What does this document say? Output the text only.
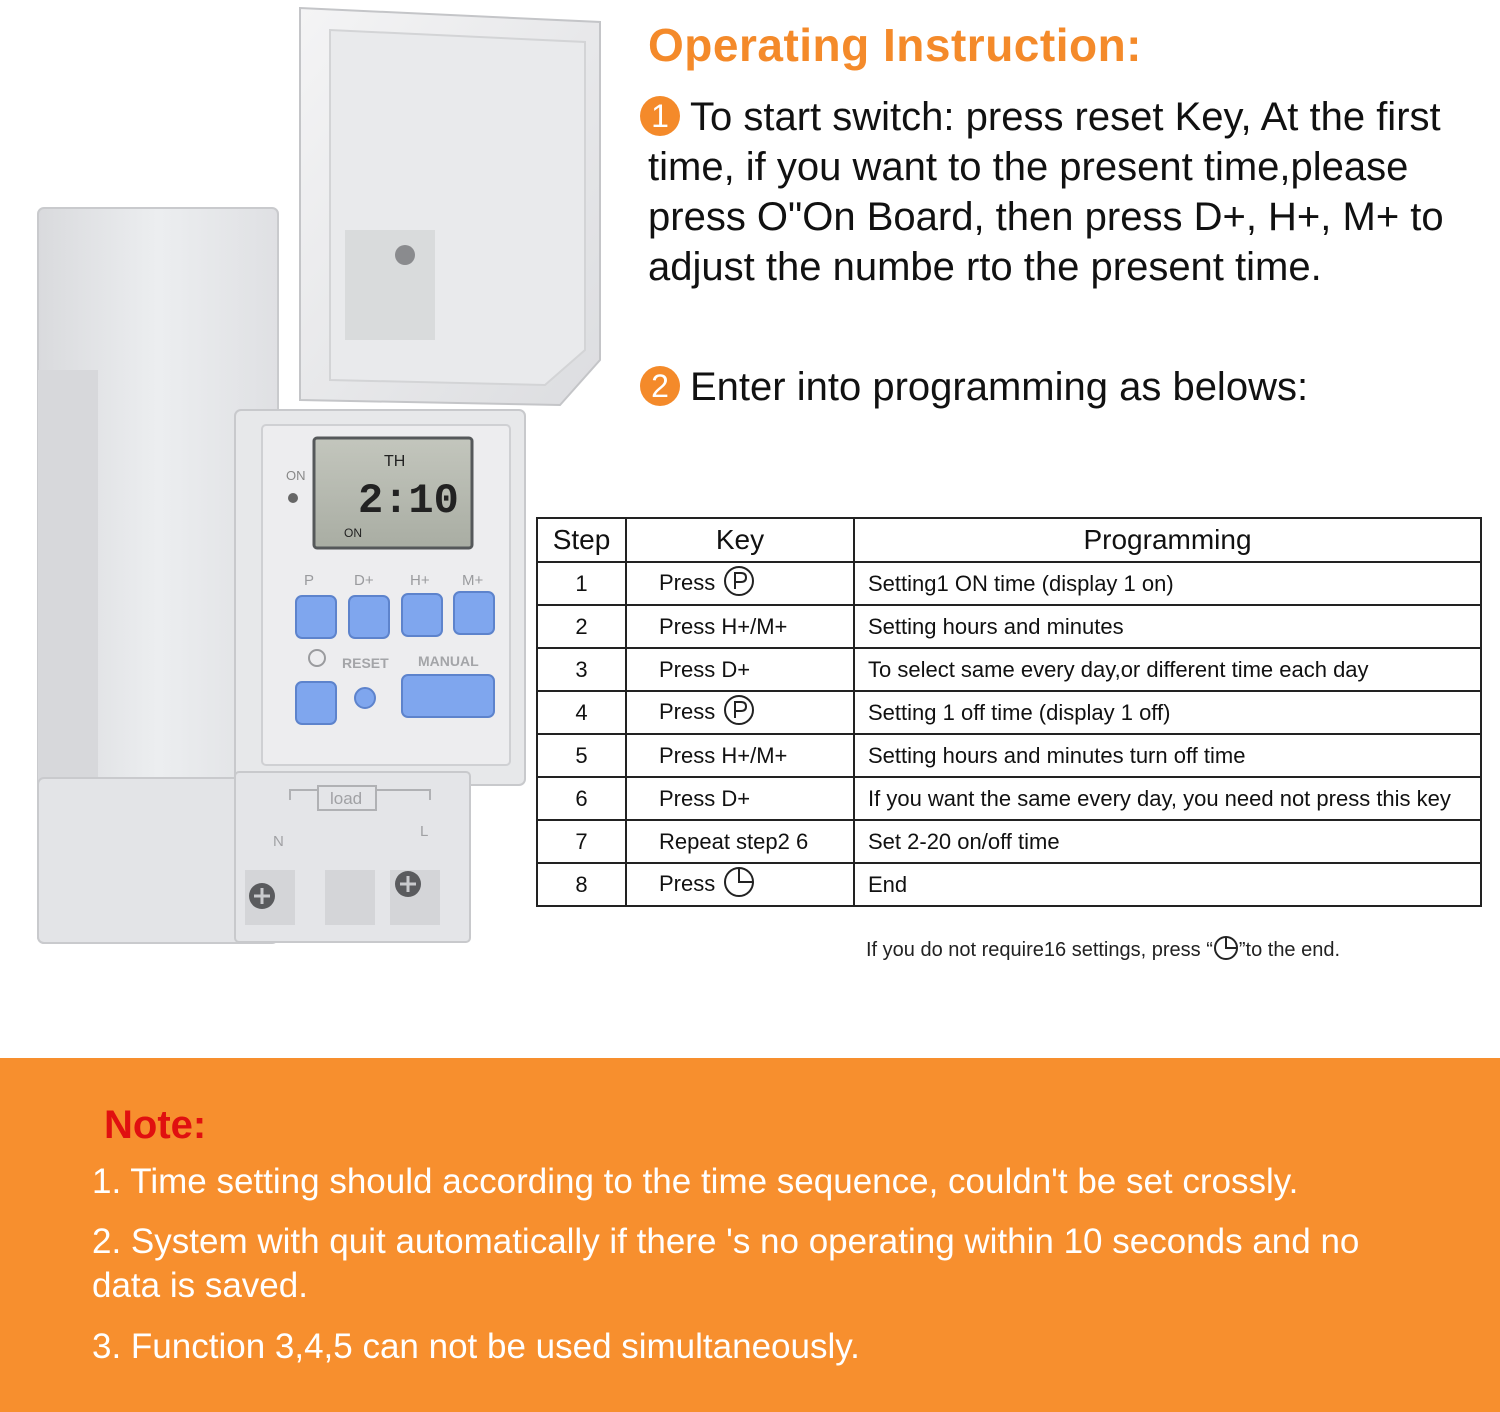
TH
2:10
ON
ON
P	D+ H+ M+
RESET MANUAL
load
N
L
Operating Instruction:
1 To start switch: press reset Key, At the first time, if you want to the present time,please press O"On Board, then press D+, H+, M+ to adjust the numbe rto the present time.
2 Enter into programming as belows:
Step	Key	Programming
1	Press	Setting1 ON time (display 1 on)
2	Press H+/M+	Setting hours and minutes
3	Press D+	To select same every day,or different time each day
4	Press	Setting 1 off time (display 1 off)
5	Press H+/M+	Setting hours and minutes turn off time
6	Press D+	If you want the same every day, you need not press this key
7	Repeat step2 6	Set 2-20 on/off time
8	Press	End
If you do not require16 settings, press “ ”to the end.
Note:
1. Time setting should according to the time sequence, couldn't be set crossly.
2. System with quit automatically if there 's no operating within 10 seconds and no data is saved.
3. Function 3,4,5 can not be used simultaneously.
